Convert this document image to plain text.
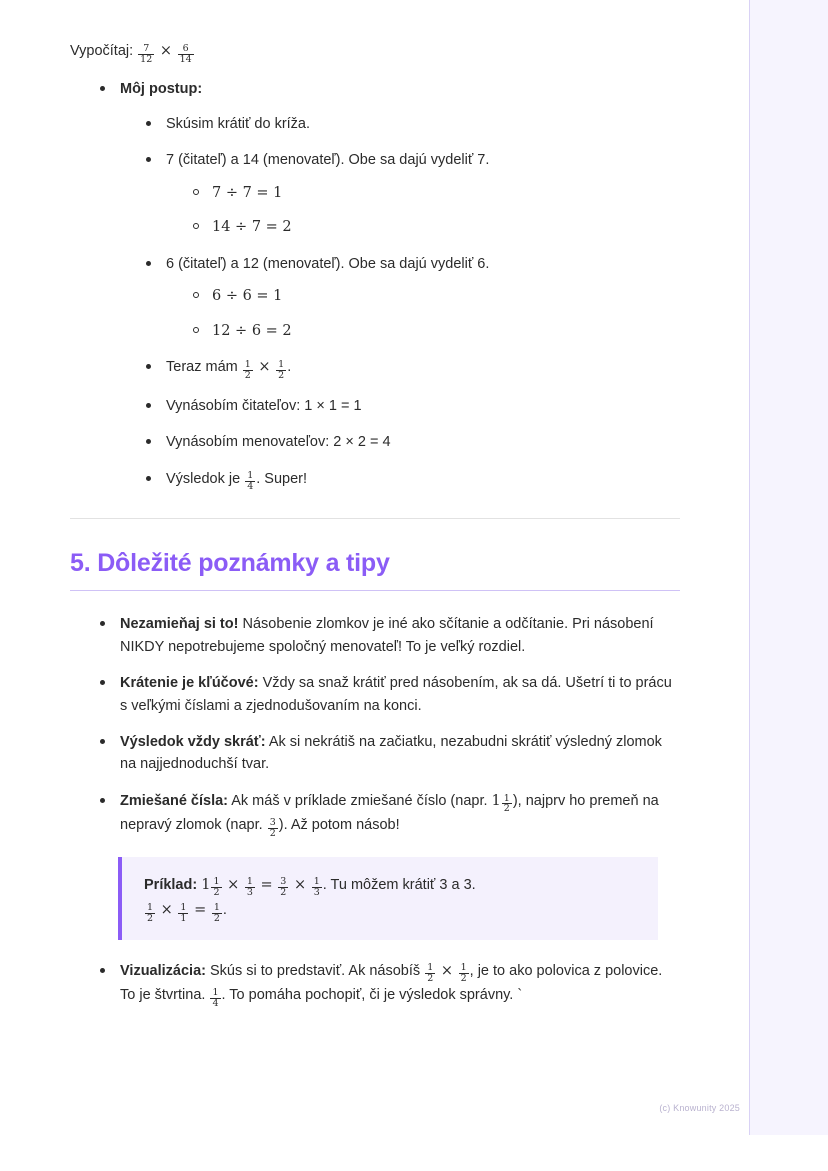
Vypočítaj: $\frac{7}{12} \times \frac{6}{14}$

Môj postup:
Skúsim krátiť do kríža.
7 (čitateľ) a 14 (menovateľ). Obe sa dajú vydeliť 7.
7 ÷ 7 = 1
14 ÷ 7 = 2
6 (čitateľ) a 12 (menovateľ). Obe sa dajú vydeliť 6.
6 ÷ 6 = 1
12 ÷ 6 = 2
Teraz mám $\frac{1}{2} \times \frac{1}{2}$ .
Vynásobím čitateľov: 1 × 1 = 1
Vynásobím menovateľov: 2 × 2 = 4
Výsledok je $\frac{1}{4}$ . Super!
5. Dôležité poznámky a tipy
Nezamieňaj si to! Násobenie zlomkov je iné ako sčítanie a odčítanie. Pri násobení NIKDY nepotrebujeme spoločný menovateľ! To je veľký rozdiel.
Krátenie je kľúčové: Vždy sa snaž krátiť pred násobením, ak sa dá. Ušetrí ti to prácu s veľkými číslami a zjednodušovaním na konci.
Výsledok vždy skráť: Ak si nekrátiš na začiatku, nezabudni skrátiť výsledný zlomok na najjednoduchší tvar.
Zmiešané čísla: Ak máš v príklade zmiešané číslo (napr. $1 \frac{1}{2}$ ), najprv ho premeň na nepravý zlomok (napr. $\frac{3}{2}$ ). Až potom násob!
Príklad: $1 \frac{1}{2} \times \frac{1}{3} = \frac{3}{2} \times \frac{1}{3}$ . Tu môžem krátiť 3 a 3.
$\frac{1}{2} \times \frac{1}{1} = \frac{1}{2}$ .
Vizualizácia: Skús si to predstaviť. Ak násobíš $\frac{1}{2} \times \frac{1}{2}$ , je to ako polovica z polovice. To je štvrtina. $\frac{1}{4}$ . To pomáha pochopiť, či je výsledok správny. `
(c) Knowunity 2025
